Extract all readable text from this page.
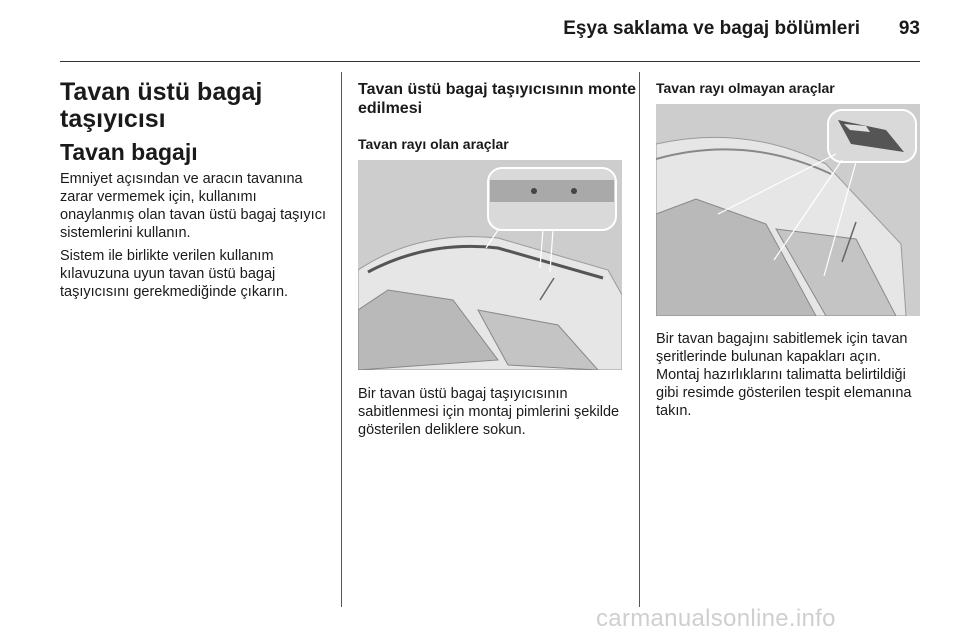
Eşya saklama ve bagaj bölümleri 93
Tavan üstü bagaj taşıyıcısı
Tavan bagajı

Emniyet açısından ve aracın tavanına zarar vermemek için, kullanımı onaylanmış olan tavan üstü bagaj taşıyıcı sistemlerini kullanın.

Sistem ile birlikte verilen kullanım kılavuzuna uyun tavan üstü bagaj taşıyıcısını gerekmediğinde çıkarın.

Tavan üstü bagaj taşıyıcısının monte edilmesi
Tavan rayı olan araçlar

Bir tavan üstü bagaj taşıyıcısının sabitlenmesi için montaj pimlerini şekilde gösterilen deliklere sokun.

Tavan rayı olmayan araçlar

Bir tavan bagajını sabitlemek için tavan şeritlerinde bulunan kapakları açın. Montaj hazırlıklarını talimatta belirtildiği gibi resimde gösterilen tespit elemanına takın.

carmanualsonline.info
